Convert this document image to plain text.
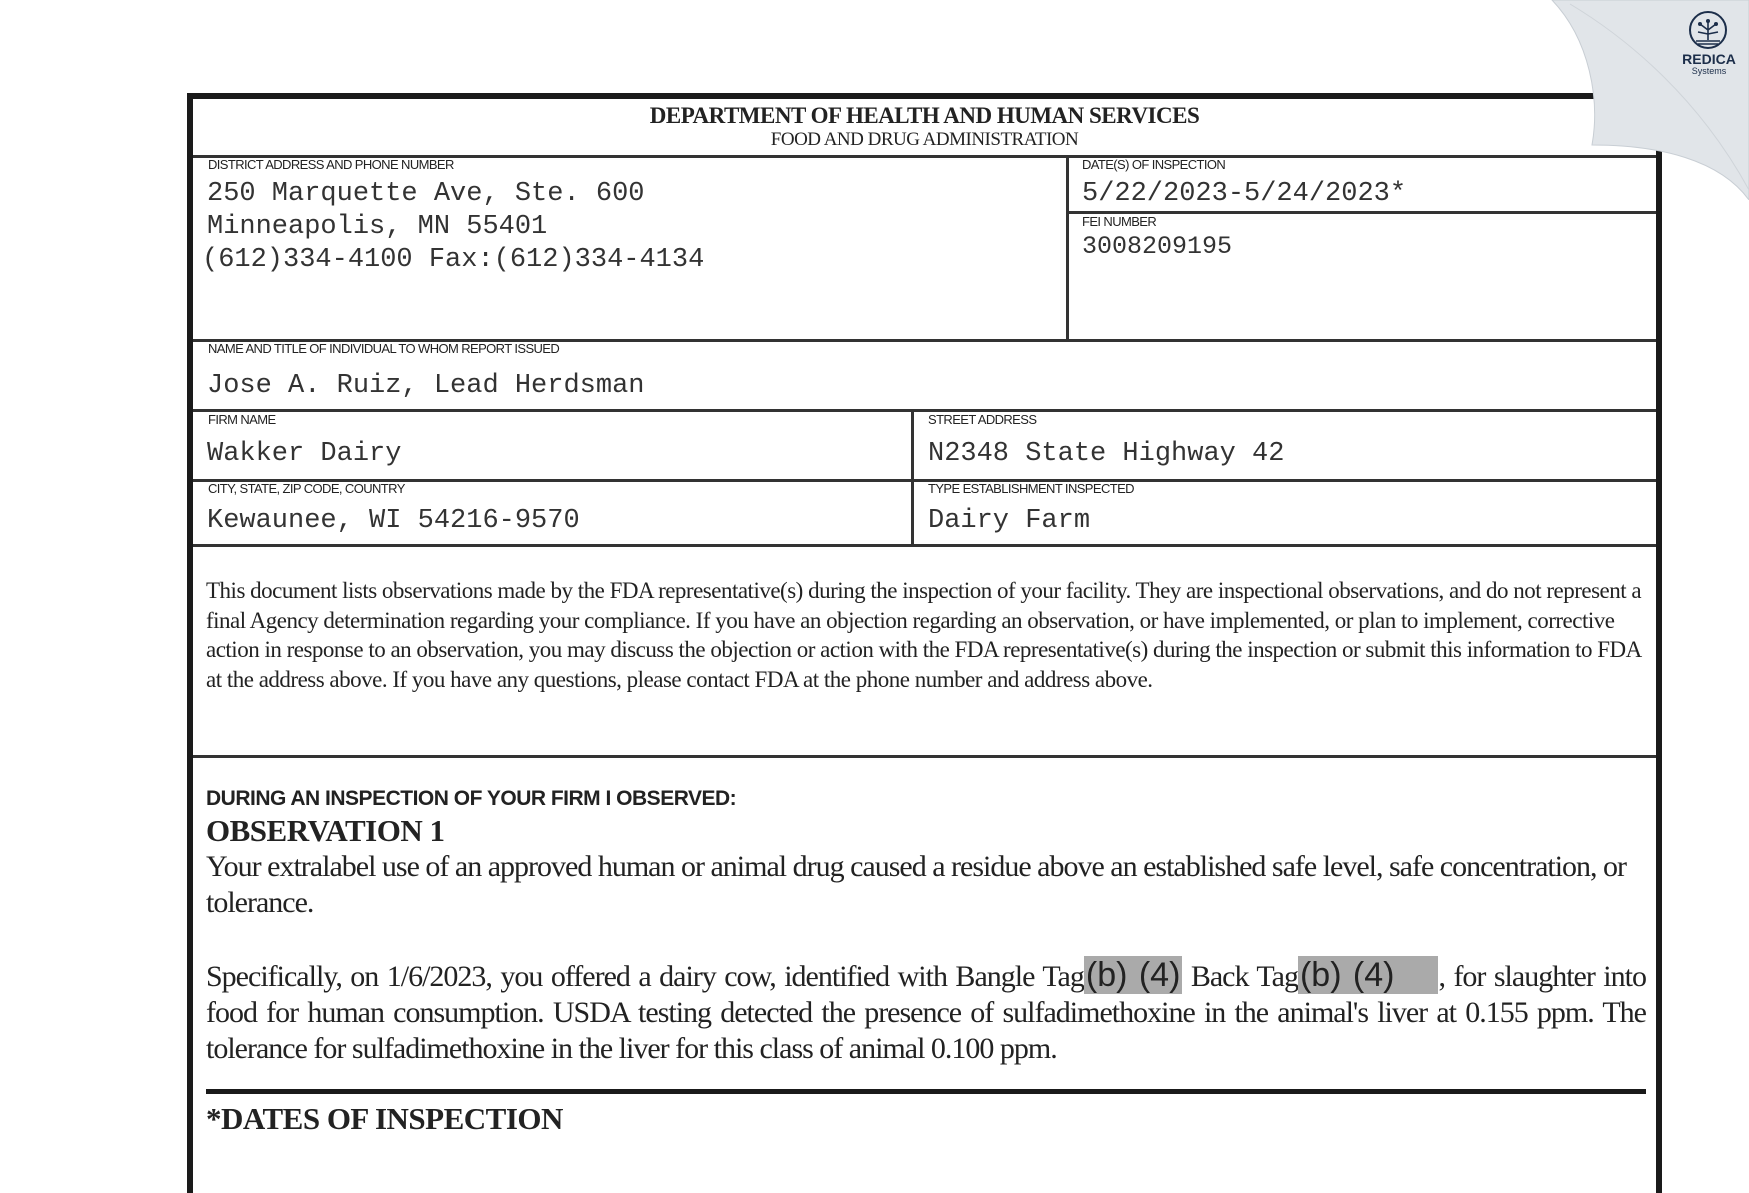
DEPARTMENT OF HEALTH AND HUMAN SERVICES
FOOD AND DRUG ADMINISTRATION
DISTRICT ADDRESS AND PHONE NUMBER
250 Marquette Ave, Ste. 600
Minneapolis, MN 55401
(612)334-4100 Fax:(612)334-4134
DATE(S) OF INSPECTION
5/22/2023-5/24/2023*
FEI NUMBER
3008209195
NAME AND TITLE OF INDIVIDUAL TO WHOM REPORT ISSUED
Jose A. Ruiz, Lead Herdsman
FIRM NAME
Wakker Dairy
STREET ADDRESS
N2348 State Highway 42
CITY, STATE, ZIP CODE, COUNTRY
Kewaunee, WI 54216-9570
TYPE ESTABLISHMENT INSPECTED
Dairy Farm
This document lists observations made by the FDA representative(s) during the inspection of your facility. They are inspectional observations, and do not represent a final Agency determination regarding your compliance. If you have an objection regarding an observation, or have implemented, or plan to implement, corrective action in response to an observation, you may discuss the objection or action with the FDA representative(s) during the inspection or submit this information to FDA at the address above. If you have any questions, please contact FDA at the phone number and address above.
DURING AN INSPECTION OF YOUR FIRM I OBSERVED:
OBSERVATION 1
Your extralabel use of an approved human or animal drug caused a residue above an established safe level, safe concentration, or tolerance.
Specifically, on 1/6/2023, you offered a dairy cow, identified with Bangle Tag(b) (4) Back Tag(b) (4) , for slaughter into food for human consumption. USDA testing detected the presence of sulfadimethoxine in the animal's liver at 0.155 ppm. The tolerance for sulfadimethoxine in the liver for this class of animal 0.100 ppm.
*DATES OF INSPECTION
REDICA
Systems
